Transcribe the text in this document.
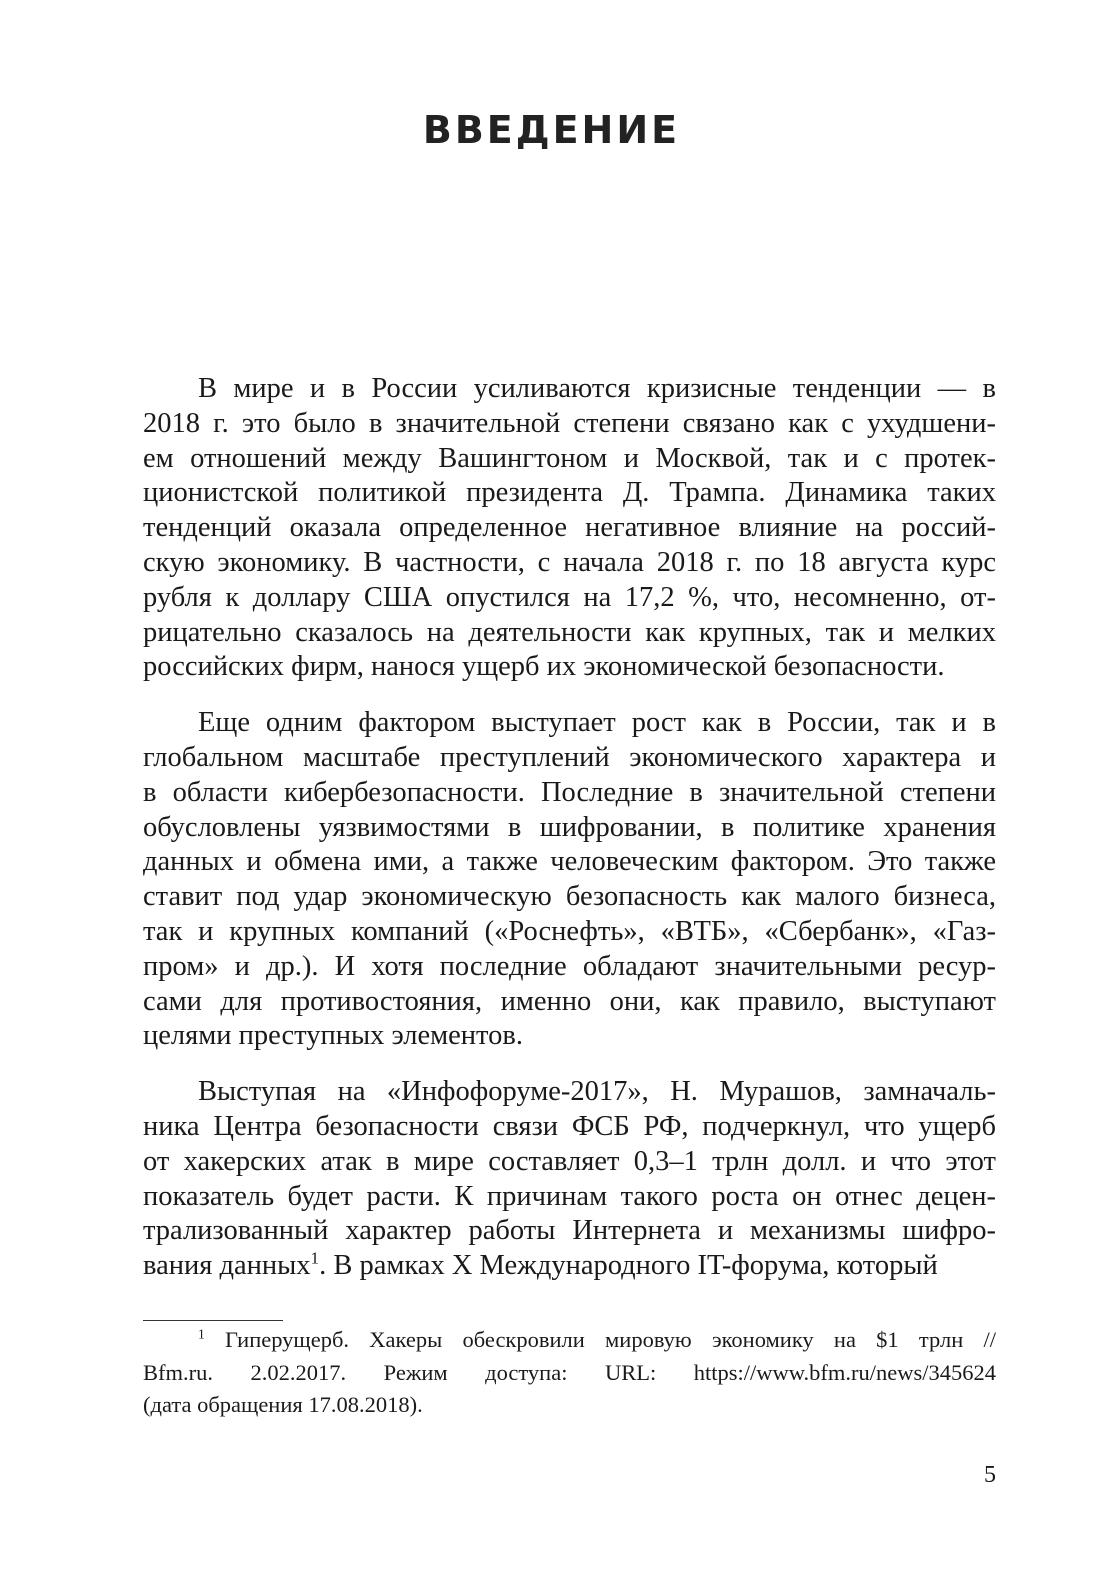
ВВЕДЕНИЕ
В мире и в России усиливаются кризисные тенденции — в
2018 г. это было в значительной степени связано как с ухудшени-
ем отношений между Вашингтоном и Москвой, так и с протек-
ционистской политикой президента Д. Трампа. Динамика таких
тенденций оказала определенное негативное влияние на россий-
скую экономику. В частности, с начала 2018 г. по 18 августа курс
рубля к доллару США опустился на 17,2 %, что, несомненно, от-
рицательно сказалось на деятельности как крупных, так и мелких
российских фирм, нанося ущерб их экономической безопасности.
Еще одним фактором выступает рост как в России, так и в
глобальном масштабе преступлений экономического характера и
в области кибербезопасности. Последние в значительной степени
обусловлены уязвимостями в шифровании, в политике хранения
данных и обмена ими, а также человеческим фактором. Это также
ставит под удар экономическую безопасность как малого бизнеса,
так и крупных компаний («Роснефть», «ВТБ», «Сбербанк», «Газ-
пром» и др.). И хотя последние обладают значительными ресур-
сами для противостояния, именно они, как правило, выступают
целями преступных элементов.
Выступая на «Инфофоруме-2017», Н. Мурашов, замначаль-
ника Центра безопасности связи ФСБ РФ, подчеркнул, что ущерб
от хакерских атак в мире составляет 0,3–1 трлн долл. и что этот
показатель будет расти. К причинам такого роста он отнес децен-
трализованный характер работы Интернета и механизмы шифро-
вания данных$^1$. В рамках X Международного IT-форума, который
$^1$ Гиперущерб. Хакеры обескровили мировую экономику на $1 трлн //
Bfm.ru. 2.02.2017. Режим доступа: URL: https://www.bfm.ru/news/345624
(дата обращения 17.08.2018).
5
